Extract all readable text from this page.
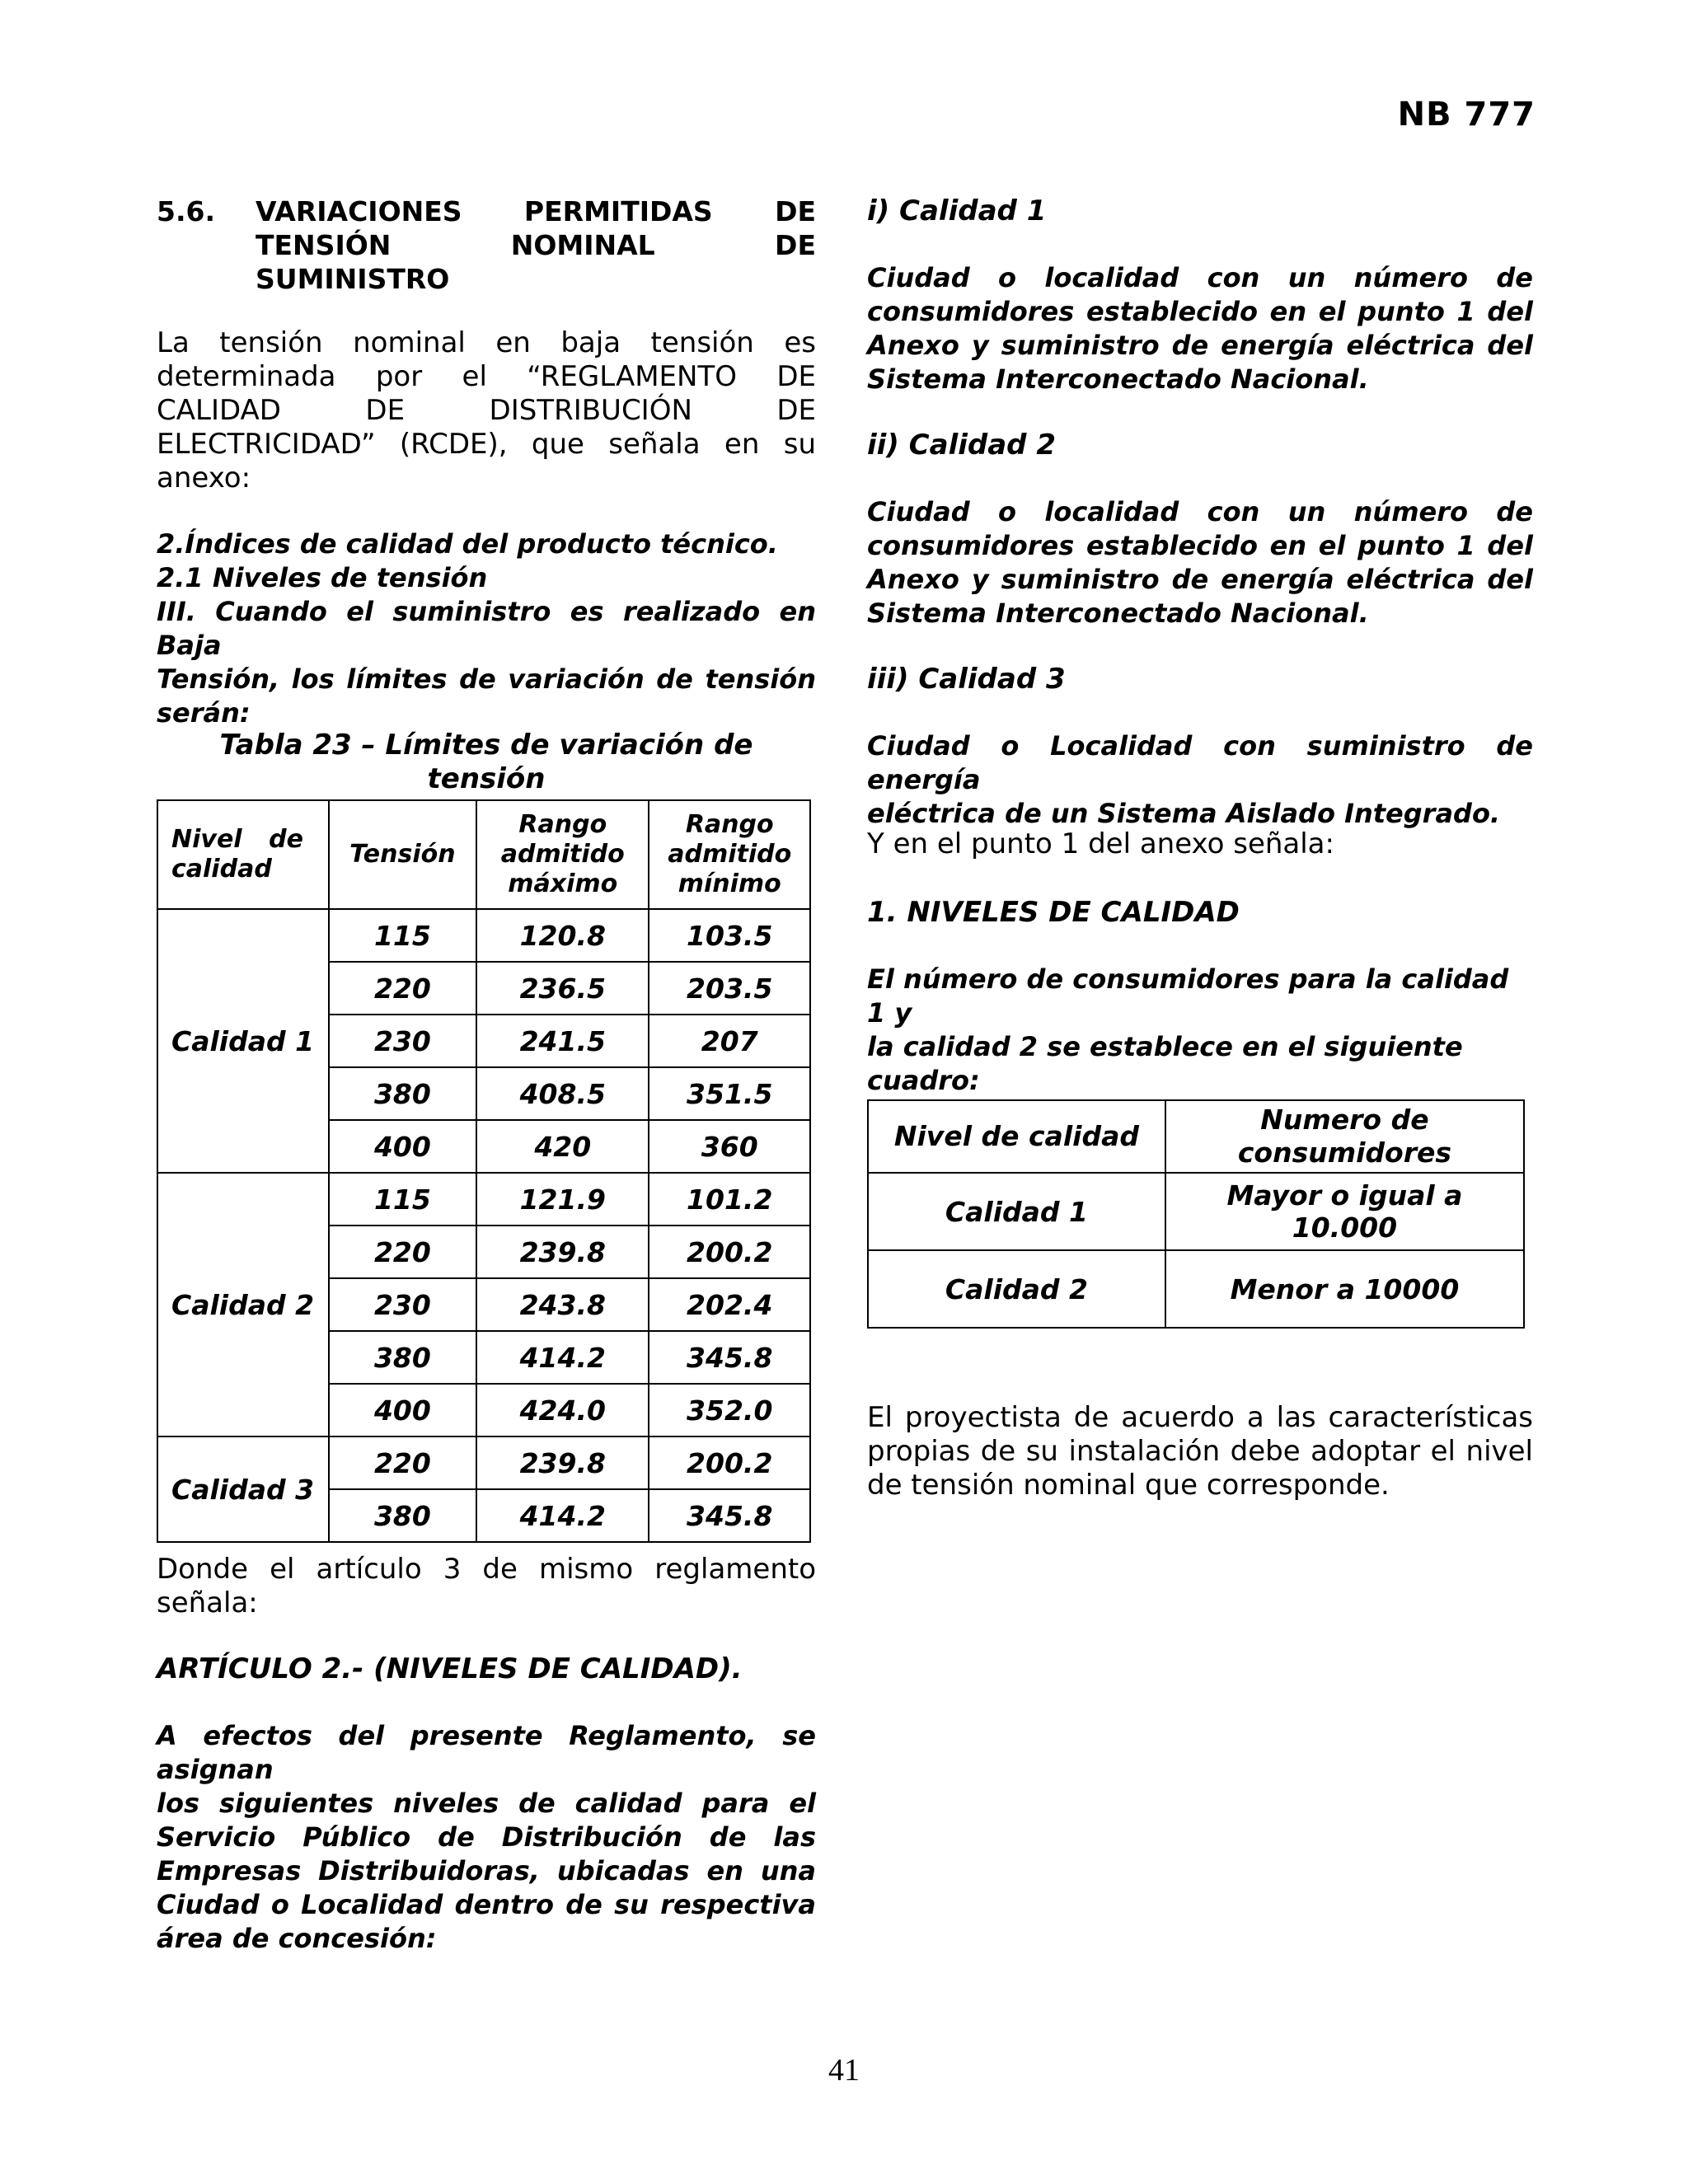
NB 777
5.6.	VARIACIONES PERMITIDAS DE
TENSIÓN NOMINAL DE
SUMINISTRO
La tensión nominal en baja tensión es
determinada por el “REGLAMENTO DE
CALIDAD DE DISTRIBUCIÓN DE
ELECTRICIDAD” (RCDE), que señala en su
anexo:
2.Índices de calidad del producto técnico.
2.1 Niveles de tensión
III. Cuando el suministro es realizado en Baja
Tensión, los límites de variación de tensión
serán:
Tabla 23 – Límites de variación de tensión
Nivel de
calidad	Tensión	Rango
admitido
máximo	Rango
admitido
mínimo

Calidad 1	115	120.8	103.5
	220	236.5	203.5
	230	241.5	207
	380	408.5	351.5
	400	420	360
Calidad 2	115	121.9	101.2
	220	239.8	200.2
	230	243.8	202.4
	380	414.2	345.8
	400	424.0	352.0
Calidad 3	220	239.8	200.2
	380	414.2	345.8
Donde el artículo 3 de mismo reglamento
señala:
ARTÍCULO 2.- (NIVELES DE CALIDAD).
A efectos del presente Reglamento, se asignan
los siguientes niveles de calidad para el
Servicio Público de Distribución de las
Empresas Distribuidoras, ubicadas en una
Ciudad o Localidad dentro de su respectiva
área de concesión:
i) Calidad 1
Ciudad o localidad con un número de
consumidores establecido en el punto 1 del
Anexo y suministro de energía eléctrica del
Sistema Interconectado Nacional.
ii) Calidad 2
Ciudad o localidad con un número de
consumidores establecido en el punto 1 del
Anexo y suministro de energía eléctrica del
Sistema Interconectado Nacional.
iii) Calidad 3
Ciudad o Localidad con suministro de energía
eléctrica de un Sistema Aislado Integrado.
Y en el punto 1 del anexo señala:
1. NIVELES DE CALIDAD
El número de consumidores para la calidad 1 y
la calidad 2 se establece en el siguiente
cuadro:
Nivel de calidad	Numero de
consumidores

Calidad 1	Mayor o igual a 10.000
Calidad 2	Menor a 10000
El proyectista de acuerdo a las características
propias de su instalación debe adoptar el nivel
de tensión nominal que corresponde.
41
